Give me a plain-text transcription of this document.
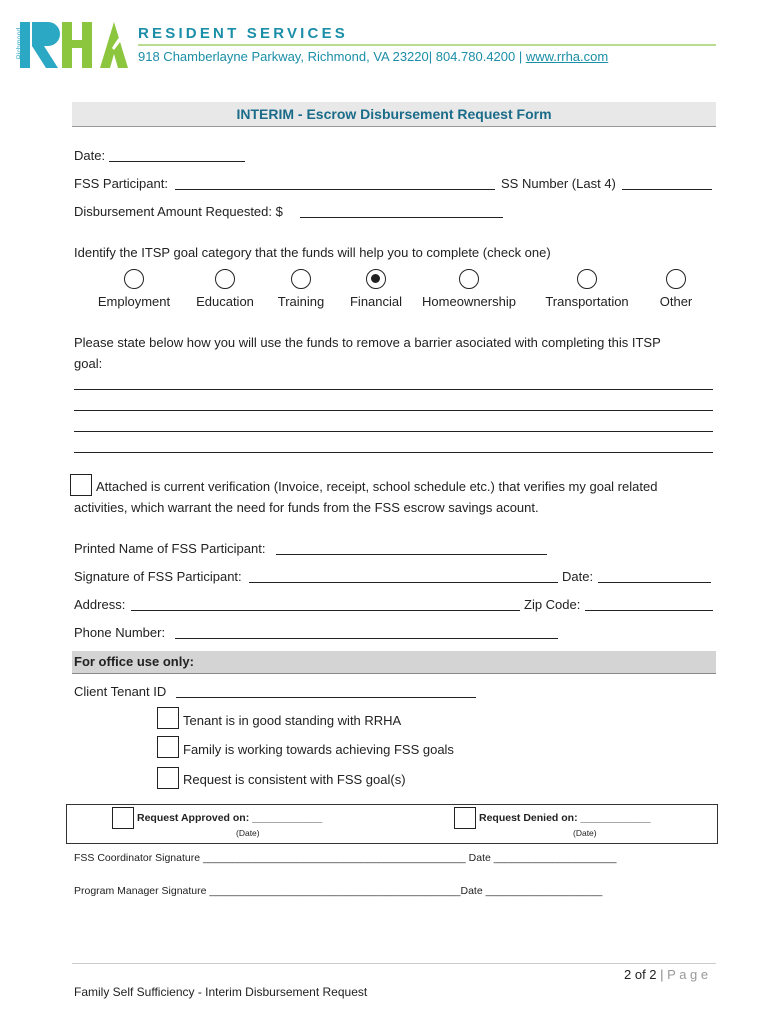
Richmond	RESIDENT SERVICES
918 Chamberlayne Parkway, Richmond, VA 23220| 804.780.4200 | www.rrha.com
INTERIM - Escrow Disbursement Request Form
Date:
FSS Participant:	SS Number (Last 4)
Disbursement Amount Requested: $
Identify the ITSP goal category that the funds will help you to complete (check one)
Employment Education Training Financial Homeownership Transportation Other
Please state below how you will use the funds to remove a barrier asociated with completing this ITSP
goal:
Attached is current verification (Invoice, receipt, school schedule etc.) that verifies my goal related
activities, which warrant the need for funds from the FSS escrow savings acount.
Printed Name of FSS Participant:
Signature of FSS Participant:	Date:
Address:	Zip Code:
Phone Number:
For office use only:
Client Tenant ID
Tenant is in good standing with RRHA
Family is working towards achieving FSS goals
Request is consistent with FSS goal(s)
Request Approved on: ____________
(Date)
Request Denied on: ____________
(Date)
FSS Coordinator Signature _____________________________________________ Date _____________________
Program Manager Signature ___________________________________________Date ____________________
2 of 2 | P a g e
Family Self Sufficiency - Interim Disbursement Request
